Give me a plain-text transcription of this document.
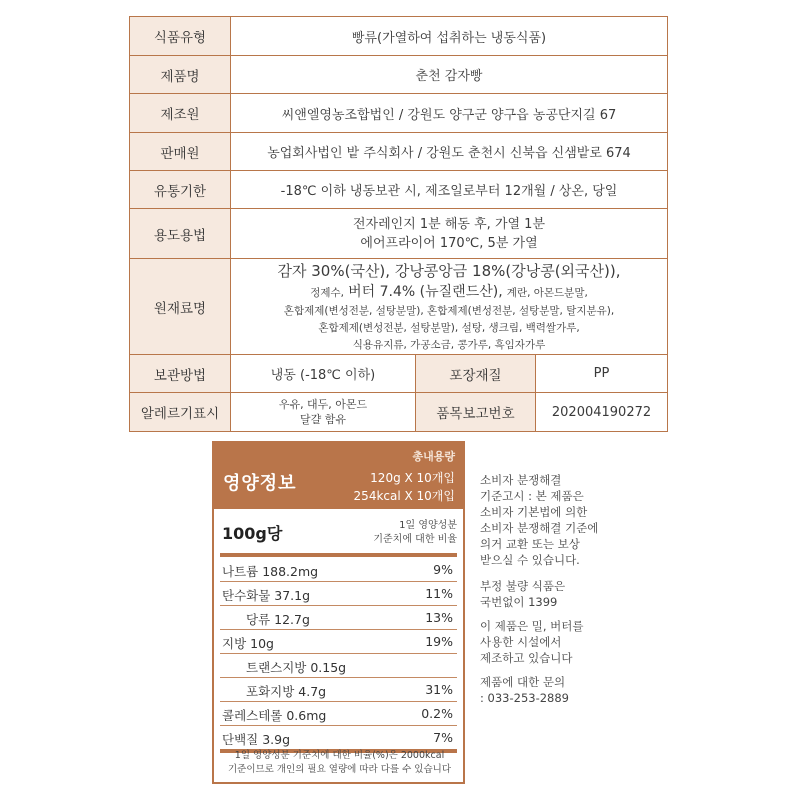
식품유형	빵류(가열하여 섭취하는 냉동식품)		
제품명	춘천 감자빵		
제조원	씨앤엘영농조합법인 / 강원도 양구군 양구읍 농공단지길 67		
판매원	농업회사법인 밭 주식회사 / 강원도 춘천시 신북읍 신샘밭로 674		
유통기한	-18℃ 이하 냉동보관 시, 제조일로부터 12개월 / 상온, 당일		
용도용법	전자레인지 1분 해동 후, 가열 1분
에어프라이어 170℃, 5분 가열		

원재료명	감자 30%(국산), 강낭콩앙금 18%(강낭콩(외국산)),
정제수, 버터 7.4% (뉴질랜드산), 계란, 아몬드분말,
혼합제제(변성전분, 설탕분말), 혼합제제(변성전분, 설탕분말, 탈지분유),
혼합제제(변성전분, 설탕분말), 설탕, 생크림, 백력쌀가루,
식용유지류, 가공소금, 콩가루, 흑임자가루		

보관방법	냉동 (-18℃ 이하)	포장재질	PP
알레르기표시	우유, 대두, 아몬드
달걀 함유	품목보고번호	202004190272
영양정보
총내용량
120g X 10개입
254kcal X 10개입
100g당	1일 영양성분
기준치에 대한 비율
나트륨 188.2mg	9%
탄수화물 37.1g	11%
당류 12.7g	13%
지방 10g	19%
트랜스지방 0.15g
포화지방 4.7g	31%
콜레스테롤 0.6mg	0.2%
단백질 3.9g	7%
1일 영양성분 기준치에 대한 비율(%)은 2000kcal
기준이므로 개인의 필요 열량에 따라 다를 수 있습니다
소비자 분쟁해결
기준고시 : 본 제품은
소비자 기본법에 의한
소비자 분쟁해결 기준에
의거 교환 또는 보상
받으실 수 있습니다.
부정 불량 식품은
국번없이 1399
이 제품은 밀, 버터를
사용한 시설에서
제조하고 있습니다
제품에 대한 문의
: 033-253-2889
